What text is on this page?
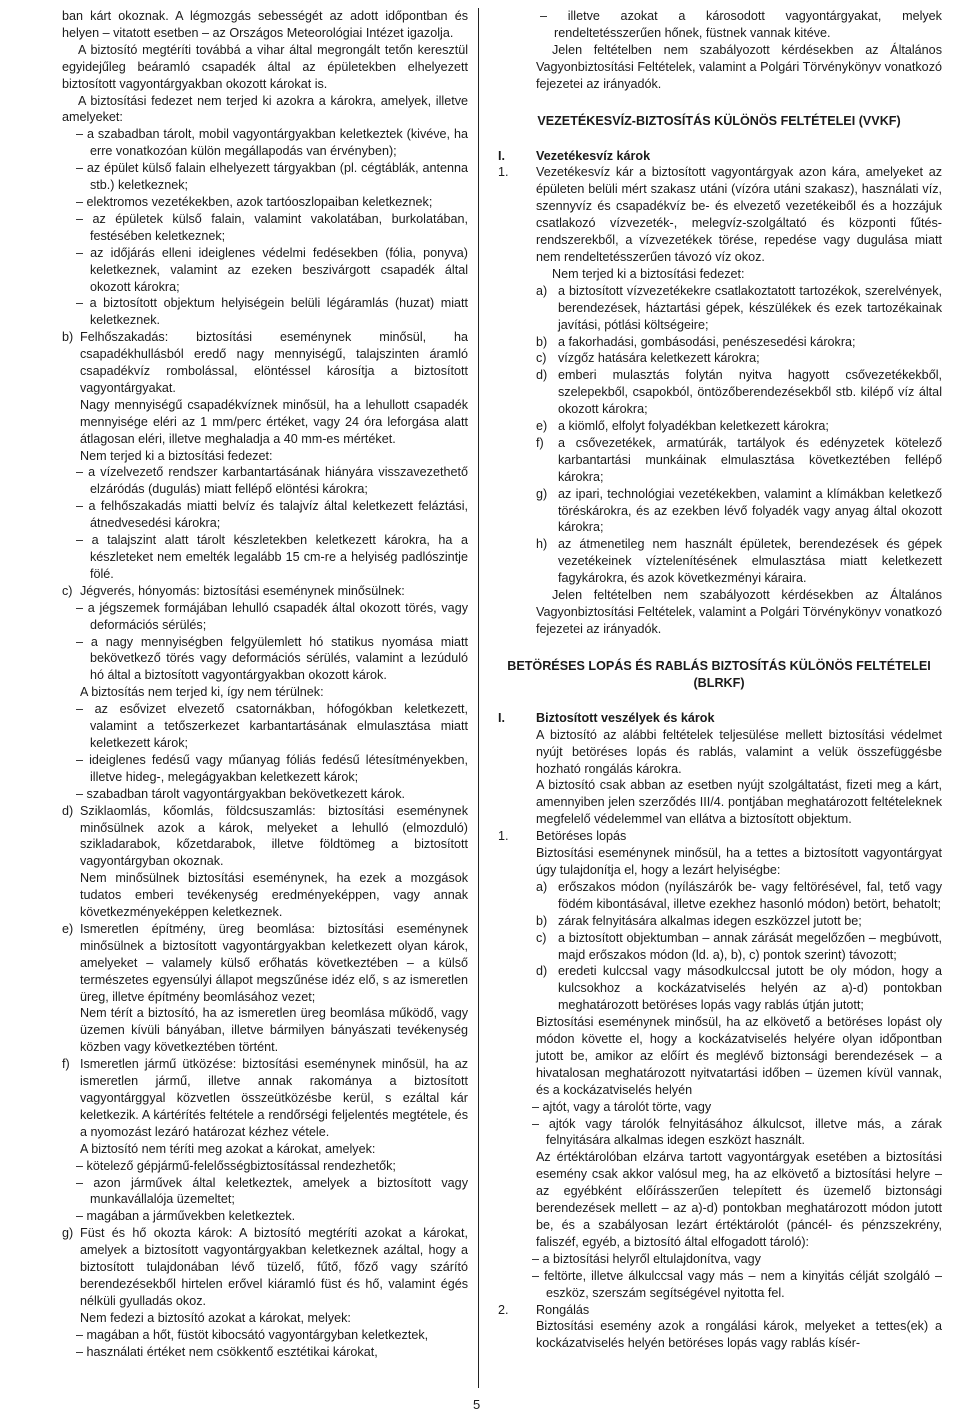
ban kárt okoznak. A légmozgás sebességét az adott időpontban és helyen – vitatott esetben – az Országos Meteorológiai Intézet igazolja.

A biztosító megtéríti továbbá a vihar által megrongált tetőn keresztül egyidejűleg beáramló csapadék által az épületekben elhelyezett biztosított vagyontárgyakban okozott károkat is.

A biztosítási fedezet nem terjed ki azokra a károkra, amelyek, illetve amelyeket:

– a szabadban tárolt, mobil vagyontárgyakban keletkeztek (kivéve, ha erre vonatkozóan külön megállapodás van érvényben);

– az épület külső falain elhelyezett tárgyakban (pl. cégtáblák, antenna stb.) keletkeznek;

– elektromos vezetékekben, azok tartóoszlopaiban keletkeznek;

– az épületek külső falain, valamint vakolatában, burkolatában, festésében keletkeznek;

– az időjárás elleni ideiglenes védelmi fedésekben (fólia, ponyva) keletkeznek, valamint az ezeken beszivárgott csapadék által okozott károkra;

– a biztosított objektum helyiségein belüli légáramlás (huzat) miatt keletkeznek.

b) Felhőszakadás: biztosítási eseménynek minősül, ha csapadékhullásból eredő nagy mennyiségű, talajszinten áramló csapadékvíz rombolással, elöntéssel károsítja a biztosított vagyontárgyakat.

Nagy mennyiségű csapadékvíznek minősül, ha a lehullott csapadék mennyisége eléri az 1 mm/perc értéket, vagy 24 óra leforgása alatt átlagosan eléri, illetve meghaladja a 40 mm-es mértéket.

Nem terjed ki a biztosítási fedezet:

– a vízelvezető rendszer karbantartásának hiányára visszavezethető elzáródás (dugulás) miatt fellépő elöntési károkra;

– a felhőszakadás miatti belvíz és talajvíz által keletkezett feláztási, átnedvesedési károkra;

– a talajszint alatt tárolt készletekben keletkezett károkra, ha a készleteket nem emelték legalább 15 cm-re a helyiség padlószintje fölé.

c) Jégverés, hónyomás: biztosítási eseménynek minősülnek:

– a jégszemek formájában lehulló csapadék által okozott törés, vagy deformációs sérülés;

– a nagy mennyiségben felgyülemlett hó statikus nyomása miatt bekövetkező törés vagy deformációs sérülés, valamint a lezúduló hó által a biztosított vagyontárgyakban okozott károk.

A biztosítás nem terjed ki, így nem térülnek:

– az esővizet elvezető csatornákban, hófogókban keletkezett, valamint a tetőszerkezet karbantartásának elmulasztása miatt keletkezett károk;

– ideiglenes fedésű vagy műanyag fóliás fedésű létesítményekben, illetve hideg-, melegágyakban keletkezett károk;

– szabadban tárolt vagyontárgyakban bekövetkezett károk.

d) Sziklaomlás, kőomlás, földcsuszamlás: biztosítási eseménynek minősülnek azok a károk, melyeket a lehulló (elmozduló) szikladarabok, kőzetdarabok, illetve földtömeg a biztosított vagyontárgyban okoznak.

Nem minősülnek biztosítási eseménynek, ha ezek a mozgások tudatos emberi tevékenység eredményeképpen, vagy annak következményeképpen keletkeznek.

e) Ismeretlen építmény, üreg beomlása: biztosítási eseménynek minősülnek a biztosított vagyontárgyakban keletkezett olyan károk, amelyeket – valamely külső erőhatás következtében – a külső természetes egyensúlyi állapot megszűnése idéz elő, s az ismeretlen üreg, illetve építmény beomlásához vezet;

Nem térít a biztosító, ha az ismeretlen üreg beomlása működő, vagy üzemen kívüli bányában, illetve bármilyen bányászati tevékenység közben vagy következtében történt.

f) Ismeretlen jármű ütközése: biztosítási eseménynek minősül, ha az ismeretlen jármű, illetve annak rakománya a biztosított vagyontárggyal közvetlen összeütközésbe kerül, s ezáltal kár keletkezik. A kártérítés feltétele a rendőrségi feljelentés megtétele, és a nyomozást lezáró határozat kézhez vétele.

A biztosító nem téríti meg azokat a károkat, amelyek:

– kötelező gépjármű-felelősségbiztosítással rendezhetők;

– azon járművek által keletkeztek, amelyek a biztosított vagy munkavállalója üzemeltet;

– magában a járművekben keletkeztek.

g) Füst és hő okozta károk: A biztosító megtéríti azokat a károkat, amelyek a biztosított vagyontárgyakban keletkeznek azáltal, hogy a biztosított tulajdonában lévő tüzelő, fűtő, főző vagy szárító berendezésekből hirtelen erővel kiáramló füst és hő, valamint égés nélküli gyulladás okoz.

Nem fedezi a biztosító azokat a károkat, melyek:

– magában a hőt, füstöt kibocsátó vagyontárgyban keletkeztek,

– használati értéket nem csökkentő esztétikai károkat,

– illetve azokat a károsodott vagyontárgyakat, melyek rendeltetésszerűen hőnek, füstnek vannak kitéve.

Jelen feltételben nem szabályozott kérdésekben az Általános Vagyonbiztosítási Feltételek, valamint a Polgári Törvénykönyv vonatkozó fejezetei az irányadók.

VEZETÉKESVÍZ-BIZTOSÍTÁS KÜLÖNÖS FELTÉTELEI (VVKF)

I. Vezetékesvíz károk

1. Vezetékesvíz kár a biztosított vagyontárgyak azon kára, amelyeket az épületen belüli mért szakasz utáni (vízóra utáni szakasz), használati víz, szennyvíz és csapadékvíz be- és elvezető vezetékeiből és a hozzájuk csatlakozó vízvezeték-, melegvíz-szolgáltató és központi fűtés-rendszerekből, a vízvezetékek törése, repedése vagy dugulása miatt nem rendeltetésszerűen távozó víz okoz.

Nem terjed ki a biztosítási fedezet:

a) a biztosított vízvezetékekre csatlakoztatott tartozékok, szerelvények, berendezések, háztartási gépek, készülékek és ezek tartozékainak javítási, pótlási költségeire;
b) a fakorhadási, gombásodási, penészesedési károkra;
c) vízgőz hatására keletkezett károkra;
d) emberi mulasztás folytán nyitva hagyott csővezetékekből, szelepekből, csapokból, öntözőberendezésekből stb. kilépő víz által okozott károkra;
e) a kiömlő, elfolyt folyadékban keletkezett károkra;
f) a csővezetékek, armatúrák, tartályok és edényzetek kötelező karbantartási munkáinak elmulasztása következtében fellépő károkra;
g) az ipari, technológiai vezetékekben, valamint a klímákban keletkező töréskárokra, és az ezekben lévő folyadék vagy anyag által okozott károkra;
h) az átmenetileg nem használt épületek, berendezések és gépek vezetékeinek víztelenítésének elmulasztása miatt keletkezett fagykárokra, és azok következményi káraira.

Jelen feltételben nem szabályozott kérdésekben az Általános Vagyonbiztosítási Feltételek, valamint a Polgári Törvénykönyv vonatkozó fejezetei az irányadók.

BETÖRÉSES LOPÁS ÉS RABLÁS BIZTOSÍTÁS KÜLÖNÖS FELTÉTELEI (BLRKF)

I. Biztosított veszélyek és károk

A biztosító az alábbi feltételek teljesülése mellett biztosítási védelmet nyújt betöréses lopás és rablás, valamint a velük összefüggésbe hozható rongálás károkra.

A biztosító csak abban az esetben nyújt szolgáltatást, fizeti meg a kárt, amennyiben jelen szerződés III/4. pontjában meghatározott feltételeknek megfelelő védelemmel van ellátva a biztosított objektum.

1. Betöréses lopás

Biztosítási eseménynek minősül, ha a tettes a biztosított vagyontárgyat úgy tulajdonítja el, hogy a lezárt helyiségbe:

a) erőszakos módon (nyílászárók be- vagy feltörésével, fal, tető vagy födém kibontásával, illetve ezekhez hasonló módon) betört, behatolt;
b) zárak felnyitására alkalmas idegen eszközzel jutott be;
c) a biztosított objektumban – annak zárását megelőzően – megbúvott, majd erőszakos módon (ld. a), b), c) pontok szerint) távozott;
d) eredeti kulccsal vagy másodkulccsal jutott be oly módon, hogy a kulcsokhoz a kockázatviselés helyén az a)-d) pontokban meghatározott betöréses lopás vagy rablás útján jutott;

Biztosítási eseménynek minősül, ha az elkövető a betöréses lopást oly módon követte el, hogy a kockázatviselés helyére olyan időpontban jutott be, amikor az előírt és meglévő biztonsági berendezések – a hivatalosan meghatározott nyitvatartási időben – üzemen kívül vannak, és a kockázatviselés helyén

– ajtót, vagy a tárolót törte, vagy

– ajtók vagy tárolók felnyitásához álkulcsot, illetve más, a zárak felnyitására alkalmas idegen eszközt használt.

Az értéktárolóban elzárva tartott vagyontárgyak esetében a biztosítási esemény csak akkor valósul meg, ha az elkövető a biztosítási helyre – az egyébként előírásszerűen telepített és üzemelő biztonsági berendezések mellett – az a)-d) pontokban meghatározott módon jutott be, és a szabályosan lezárt értéktárolót (páncél- és pénzszekrény, faliszéf, egyéb, a biztosító által elfogadott tároló):

– a biztosítási helyről eltulajdonítva, vagy

– feltörte, illetve álkulccsal vagy más – nem a kinyitás célját szolgáló – eszköz, szerszám segítségével nyitotta fel.

2. Rongálás

Biztosítási esemény azok a rongálási károk, melyeket a tettes(ek) a kockázatviselés helyén betöréses lopás vagy rablás kísér-

5
